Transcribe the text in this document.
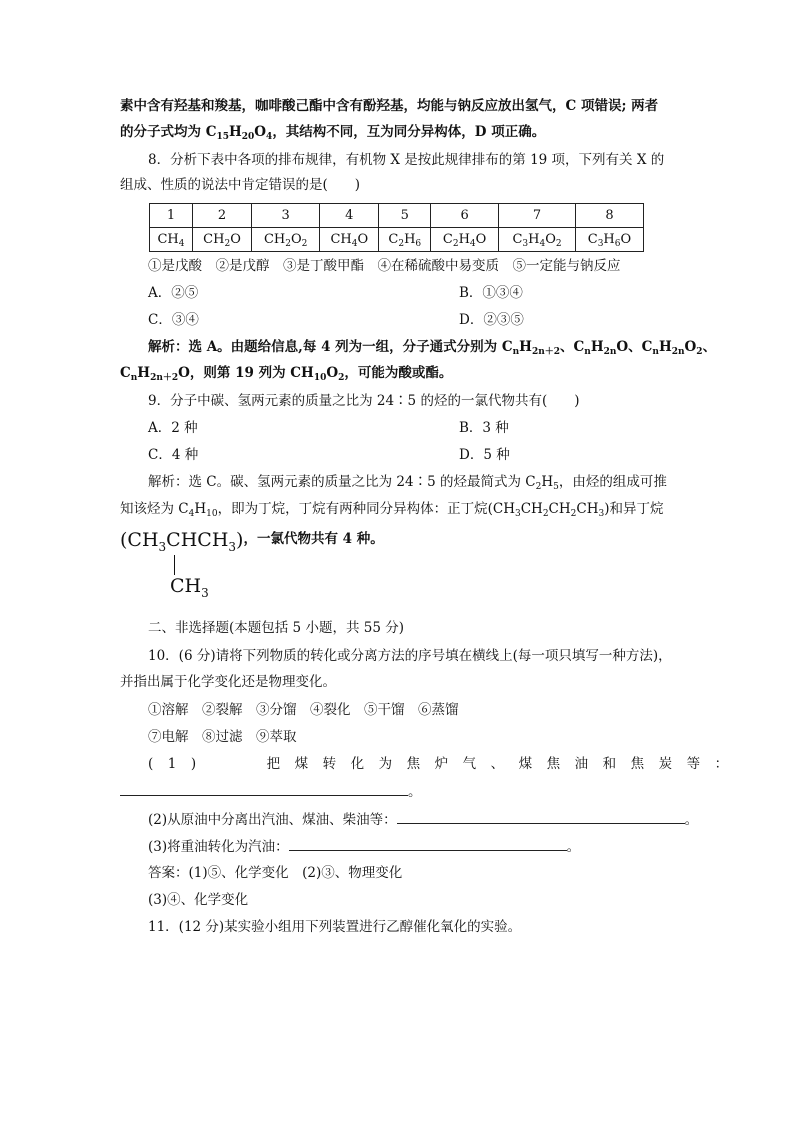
素中含有羟基和羧基，咖啡酸己酯中含有酚羟基，均能与钠反应放出氢气，C 项错误; 两者
的分子式均为 $C_{15}H_{20}O_4$，其结构不同，互为同分异构体，D 项正确。
8．分析下表中各项的排布规律，有机物 X 是按此规律排布的第 19 项，下列有关 X 的
组成、性质的说法中肯定错误的是(　　)
1	2	3	4	5	6	7	8
$CH_4$	$CH_2O$	$CH_2O_2$	$CH_4O$	$C_2H_6$	$C_2H_4O$	$C_3H_4O_2$	$C_3H_6O$
①是戊酸　②是戊醇　③是丁酸甲酯　④在稀硫酸中易变质　⑤一定能与钠反应
A．②⑤	B．①③④
C．③④	D．②③⑤
解析：选 A。由题给信息,每 4 列为一组，分子通式分别为 $C_nH_{2n+2}$、$C_nH_{2n}O$、$C_nH_{2n}O_2$、
$C_nH_{2n+2}O$，则第 19 列为 $CH_{10}O_2$，可能为酸或酯。
9．分子中碳、氢两元素的质量之比为 24∶5 的烃的一氯代物共有(　　)
A．2 种	B．3 种
C．4 种	D．5 种
解析：选 C。碳、氢两元素的质量之比为 24∶5 的烃最简式为 $C_2H_5$，由烃的组成可推
知该烃为 $C_4H_{10}$，即为丁烷，丁烷有两种同分异构体：正丁烷$(CH_3CH_2CH_2CH_3)$和异丁烷
$(CH_3CHCH_3)$，一氯代物共有 4 种。
$CH_3$
二、非选择题(本题包括 5 小题，共 55 分)
10．(6 分)请将下列物质的转化或分离方法的序号填在横线上(每一项只填写一种方法)，
并指出属于化学变化还是物理变化。
①溶解　②裂解　③分馏　④裂化　⑤干馏　⑥蒸馏
⑦电解　⑧过滤　⑨萃取
(1)　　把煤转化为焦炉气、煤焦油和焦炭等：
。
(2)从原油中分离出汽油、煤油、柴油等：	。
(3)将重油转化为汽油：	。
答案：(1)⑤、化学变化　(2)③、物理变化
(3)④、化学变化
11．(12 分)某实验小组用下列装置进行乙醇催化氧化的实验。
